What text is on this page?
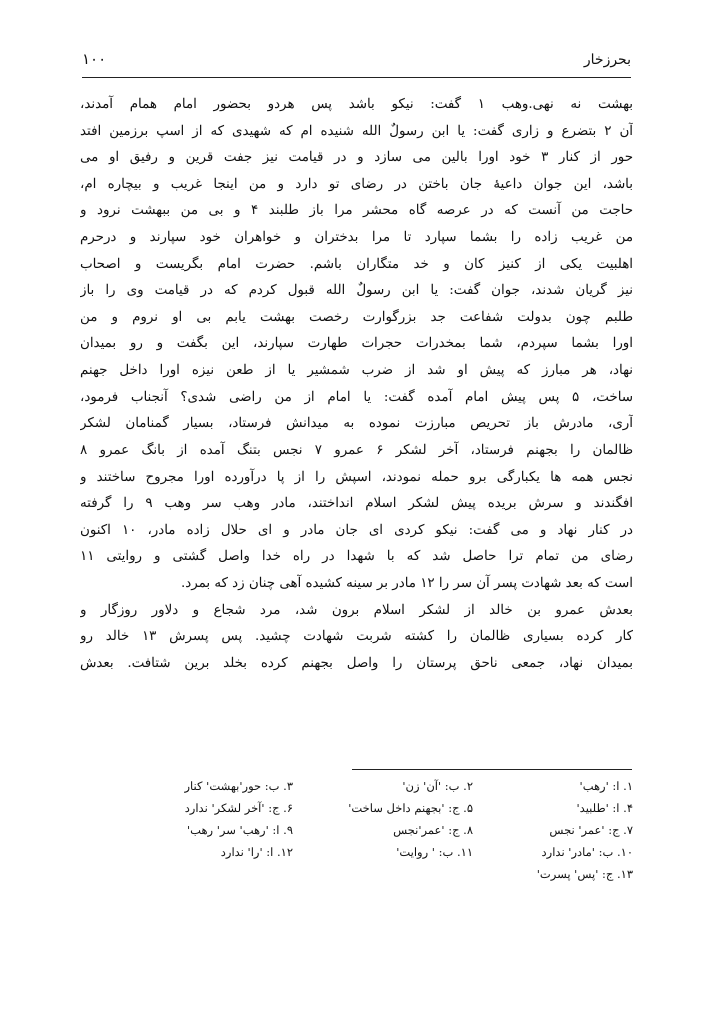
۱۰۰	بحرزخار
بهشت نه نهی.وهب ۱ گفت: نیکو باشد پس هردو بحضور امام همام آمدند،
آن ۲ بتضرع و زاری گفت: یا ابن رسولٌ الله شنیده ام که شهیدی که از اسپ برزمین افتد
حور از کنار ۳ خود اورا بالین می سازد و در قیامت نیز جفت قرین و رفیق او می
باشد، این جوان داعیهٔ جان باختن در رضای تو دارد و من اینجا غریب و بیچاره ام،
حاجت من آنست که در عرصه گاه محشر مرا باز طلبند ۴ و بی من ببهشت نرود و
من غریب زاده را بشما سپارد تا مرا بدختران و خواهران خود سپارند و درحرم
اهلبیت یکی از کنیز کان و خد متگاران باشم. حضرت امام بگریست و اصحاب
نیز گریان شدند، جوان گفت: یا ابن رسولٌ الله قبول کردم که در قیامت وی را باز
طلبم چون بدولت شفاعت جد بزرگوارت رخصت بهشت یابم بی او نروم و من
اورا بشما سپردم، شما بمخدرات حجرات طهارت سپارند، این بگفت و رو بمیدان
نهاد، هر مبارز که پیش او شد از ضرب شمشیر یا از طعن نیزه اورا داخل جهنم
ساخت، ۵ پس پیش امام آمده گفت: یا امام از من راضی شدی؟ آنجناب فرمود،
آری، مادرش باز تحریص مبارزت نموده به میدانش فرستاد، بسیار گمنامان لشکر
ظالمان را بجهنم فرستاد، آخر لشکر ۶ عمرو ۷ نجس بتنگ آمده از بانگ عمرو ۸
نجس همه ها یکبارگی برو حمله نمودند، اسپش را از پا درآورده اورا مجروح ساختند و
افگندند و سرش بریده پیش لشکر اسلام انداختند، مادر وهب سر وهب ۹ را گرفته
در کنار نهاد و می گفت: نیکو کردی ای جان مادر و ای حلال زاده مادر، ۱۰ اکنون
رضای من تمام ترا حاصل شد که با شهدا در راه خدا واصل گشتی و روایتی ۱۱
است که بعد شهادت پسر آن سر را ۱۲ مادر بر سینه کشیده آهی چنان زد که بمرد.
بعدش عمرو بن خالد از لشکر اسلام برون شد، مرد شجاع و دلاور روزگار و
کار کرده بسیاری ظالمان را کشته شربت شهادت چشید. پس پسرش ۱۳ خالد رو
بمیدان نهاد، جمعی ناحق پرستان را واصل بجهنم کرده بخلد برین شتافت. بعدش
۱. ا: 'رهب'
۲. ب: 'آن' زن'
۳. ب: حور'بهشت' کنار
۴. ا: 'طلبید'
۵. ج: 'بجهنم داخل ساخت'
۶. ج: 'آخر لشکر' ندارد
۷. ج: 'عمر' نجس
۸. ج: 'عمر'نجس
۹. ا: 'رهب' سر' رهب'
۱۰. ب: 'مادر' ندارد
۱۱. ب: ' روایت'
۱۲. ا: 'را' ندارد
۱۳. ج: 'پس' پسرت'
